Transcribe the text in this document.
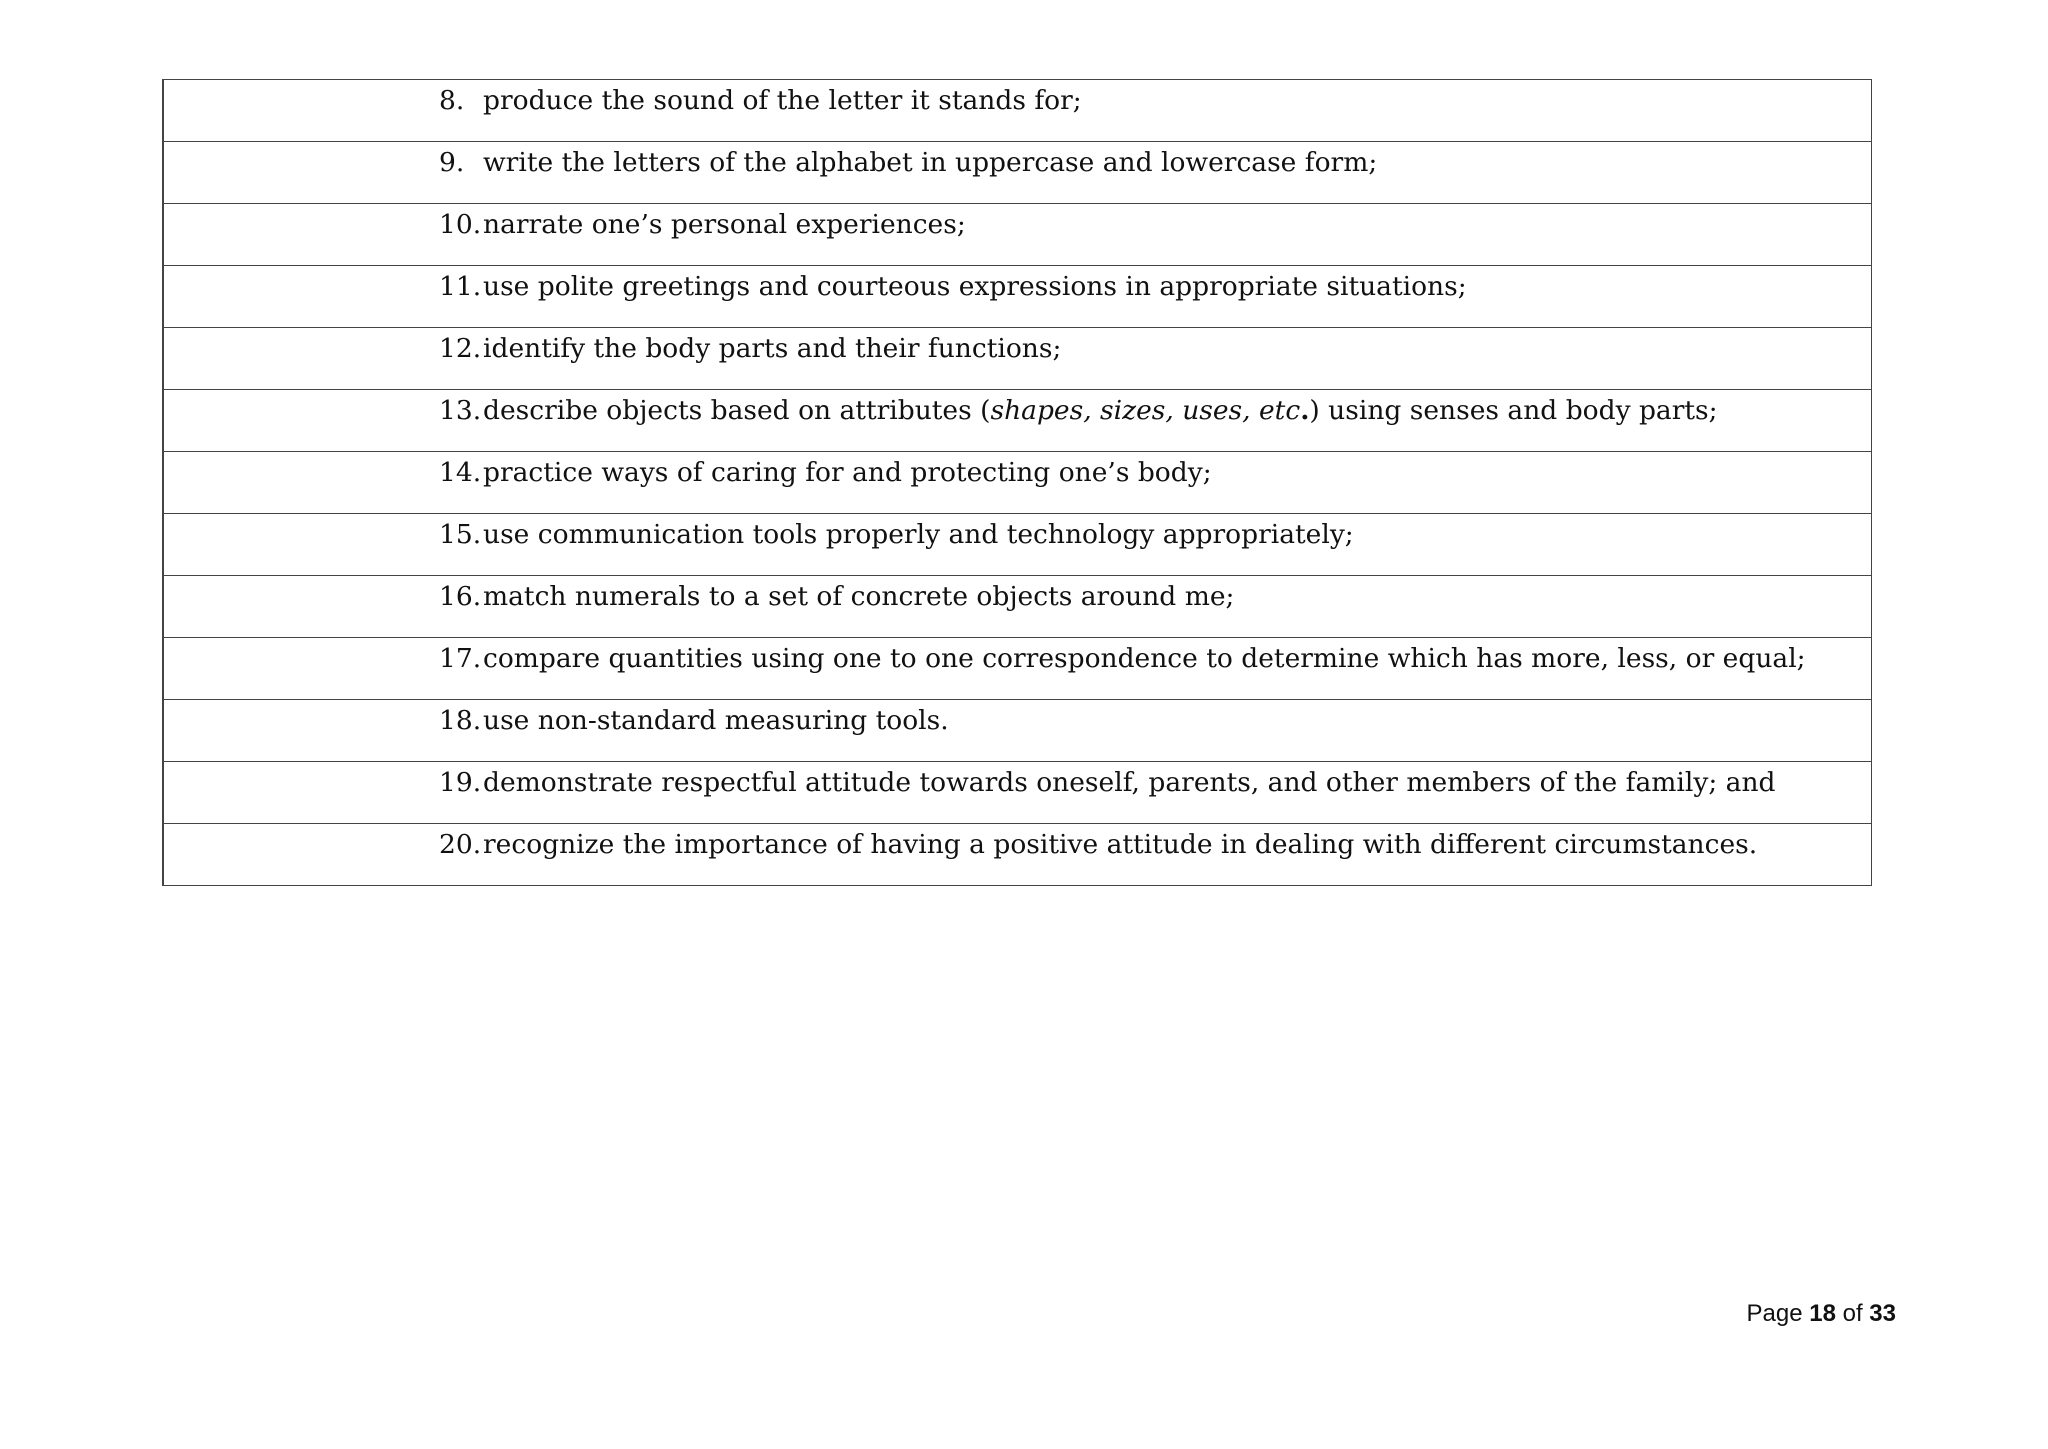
8. produce the sound of the letter it stands for;

9. write the letters of the alphabet in uppercase and lowercase form;

10.narrate one’s personal experiences;

11.use polite greetings and courteous expressions in appropriate situations;

12.identify the body parts and their functions;

13.describe objects based on attributes (shapes, sizes, uses, etc.) using senses and body parts;

14.practice ways of caring for and protecting one’s body;

15.use communication tools properly and technology appropriately;

16.match numerals to a set of concrete objects around me;

17.compare quantities using one to one correspondence to determine which has more, less, or equal;

18.use non-standard measuring tools.

19.demonstrate respectful attitude towards oneself, parents, and other members of the family; and

20.recognize the importance of having a positive attitude in dealing with different circumstances.
Page 18 of 33
